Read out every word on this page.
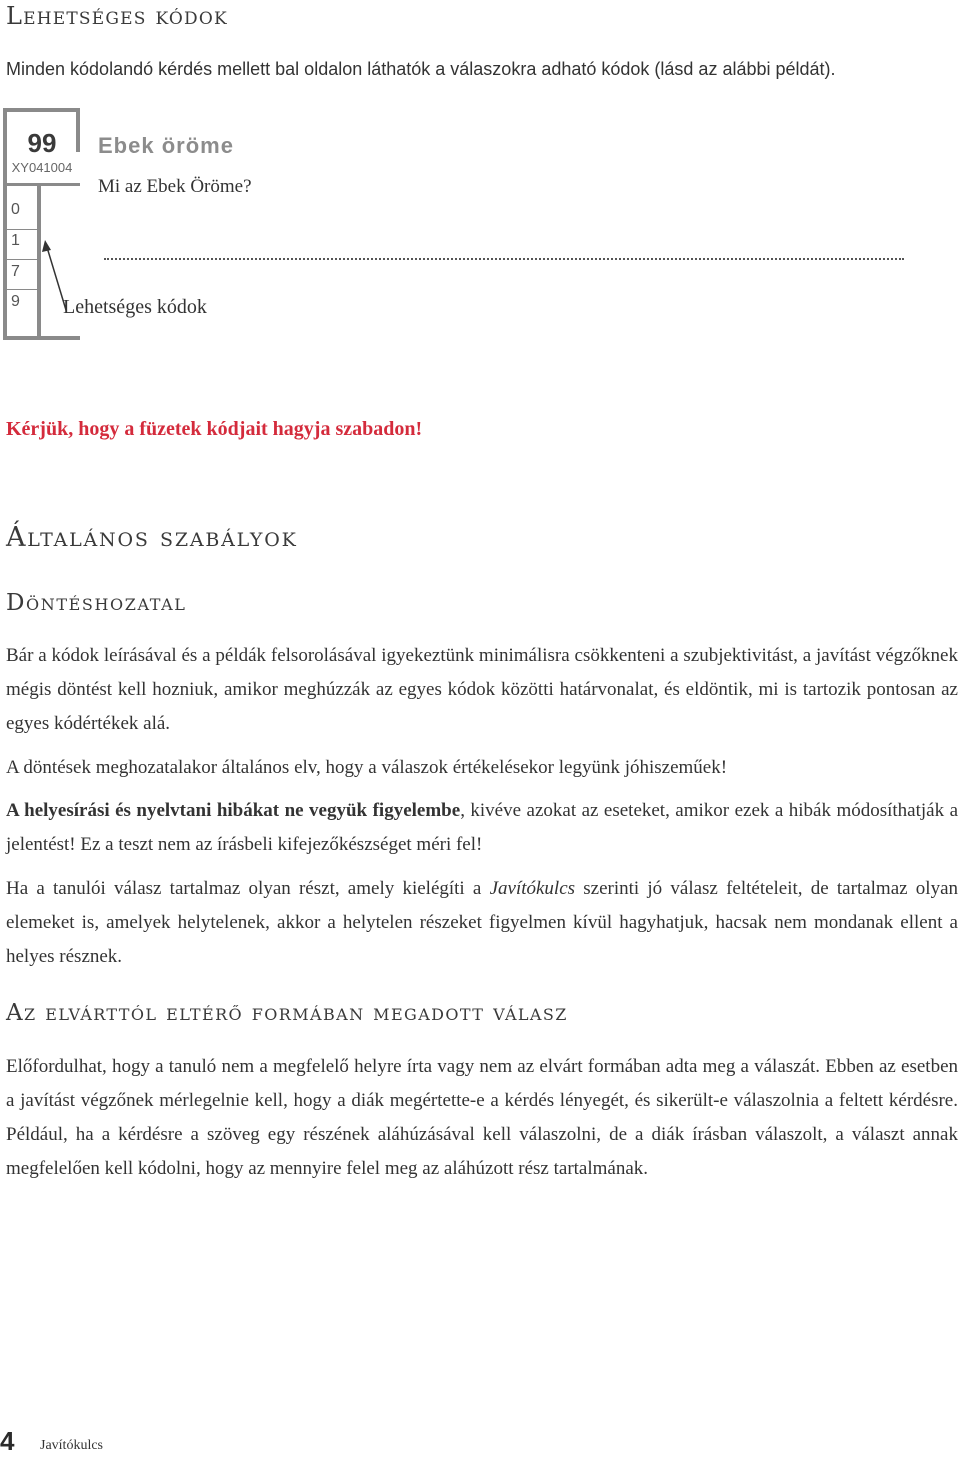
Lehetséges kódok

Minden kódolandó kérdés mellett bal oldalon láthatók a válaszokra adható kódok (lásd az alábbi példát).

99
XY041004
0
1
7
9
Ebek öröme
Mi az Ebek Öröme?
Lehetséges kódok

Kérjük, hogy a füzetek kódjait hagyja szabadon!

Általános szabályok
Döntéshozatal

Bár a kódok leírásával és a példák felsorolásával igyekeztünk minimálisra csökkenteni a szubjektivitást, a javítást végzőknek mégis döntést kell hozniuk, amikor meghúzzák az egyes kódok közötti határvonalat, és eldöntik, mi is tartozik pontosan az egyes kódértékek alá.

A döntések meghozatalakor általános elv, hogy a válaszok értékelésekor legyünk jóhiszeműek!

A helyesírási és nyelvtani hibákat ne vegyük figyelembe, kivéve azokat az eseteket, amikor ezek a hibák módosíthatják a jelentést! Ez a teszt nem az írásbeli kifejezőkészséget méri fel!

Ha a tanulói válasz tartalmaz olyan részt, amely kielégíti a Javítókulcs szerinti jó válasz feltételeit, de tartalmaz olyan elemeket is, amelyek helytelenek, akkor a helytelen részeket figyelmen kívül hagyhatjuk, hacsak nem mondanak ellent a helyes résznek.

Az elvárttól eltérő formában megadott válasz

Előfordulhat, hogy a tanuló nem a megfelelő helyre írta vagy nem az elvárt formában adta meg a válaszát. Ebben az esetben a javítást végzőnek mérlegelnie kell, hogy a diák megértette-e a kérdés lényegét, és sikerült-e válaszolnia a feltett kérdésre. Például, ha a kérdésre a szöveg egy részének aláhúzásával kell válaszolni, de a diák írásban válaszolt, a választ annak megfelelően kell kódolni, hogy az mennyire felel meg az aláhúzott rész tartalmának.

4 Javítókulcs
